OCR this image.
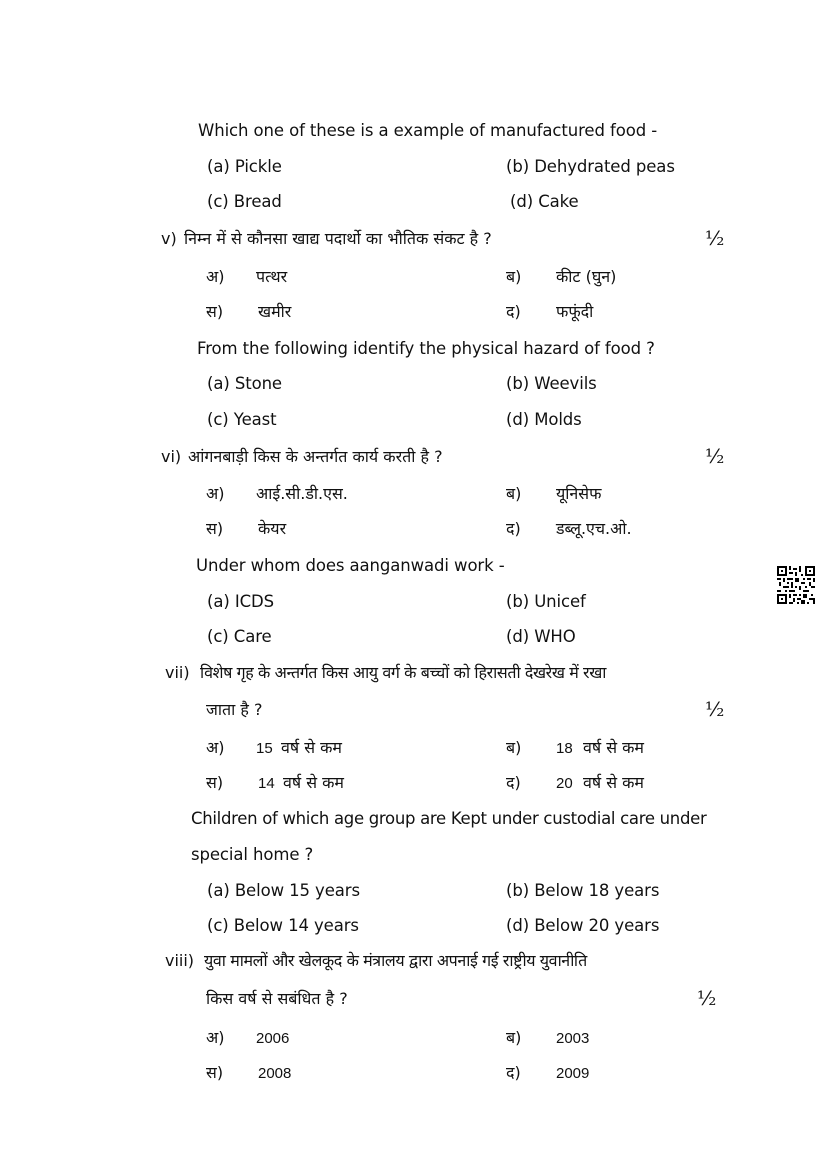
Which one of these is a example of manufactured food -
(a) Pickle	(b) Dehydrated peas
(c) Bread	(d) Cake
v) निम्न में से कौनसा खाद्य पदार्थो का भौतिक संकट है ?	½
अ) पत्थर	ब) कीट (घुन)
स) खमीर	द) फफूंदी
From the following identify the physical hazard of food ?
(a) Stone	(b) Weevils
(c) Yeast	(d) Molds
vi) आंगनबाड़ी किस के अन्तर्गत कार्य करती है ?	½
अ) आई.सी.डी.एस.	ब) यूनिसेफ
स) केयर	द) डब्लू.एच.ओ.
Under whom does aanganwadi work -
(a) ICDS	(b) Unicef
(c) Care	(d) WHO
vii) विशेष गृह के अन्तर्गत किस आयु वर्ग के बच्चों को हिरासती देखरेख में रखा
जाता है ?	½
अ) 15 वर्ष से कम	ब) 18 वर्ष से कम
स) 14 वर्ष से कम	द) 20 वर्ष से कम
Children of which age group are Kept under custodial care under
special home ?
(a) Below 15 years	(b) Below 18 years
(c) Below 14 years	(d) Below 20 years
viii) युवा मामलों और खेलकूद के मंत्रालय द्वारा अपनाई गई राष्ट्रीय युवानीति
किस वर्ष से सबंधित है ?	½
अ) 2006	ब) 2003
स) 2008	द) 2009
